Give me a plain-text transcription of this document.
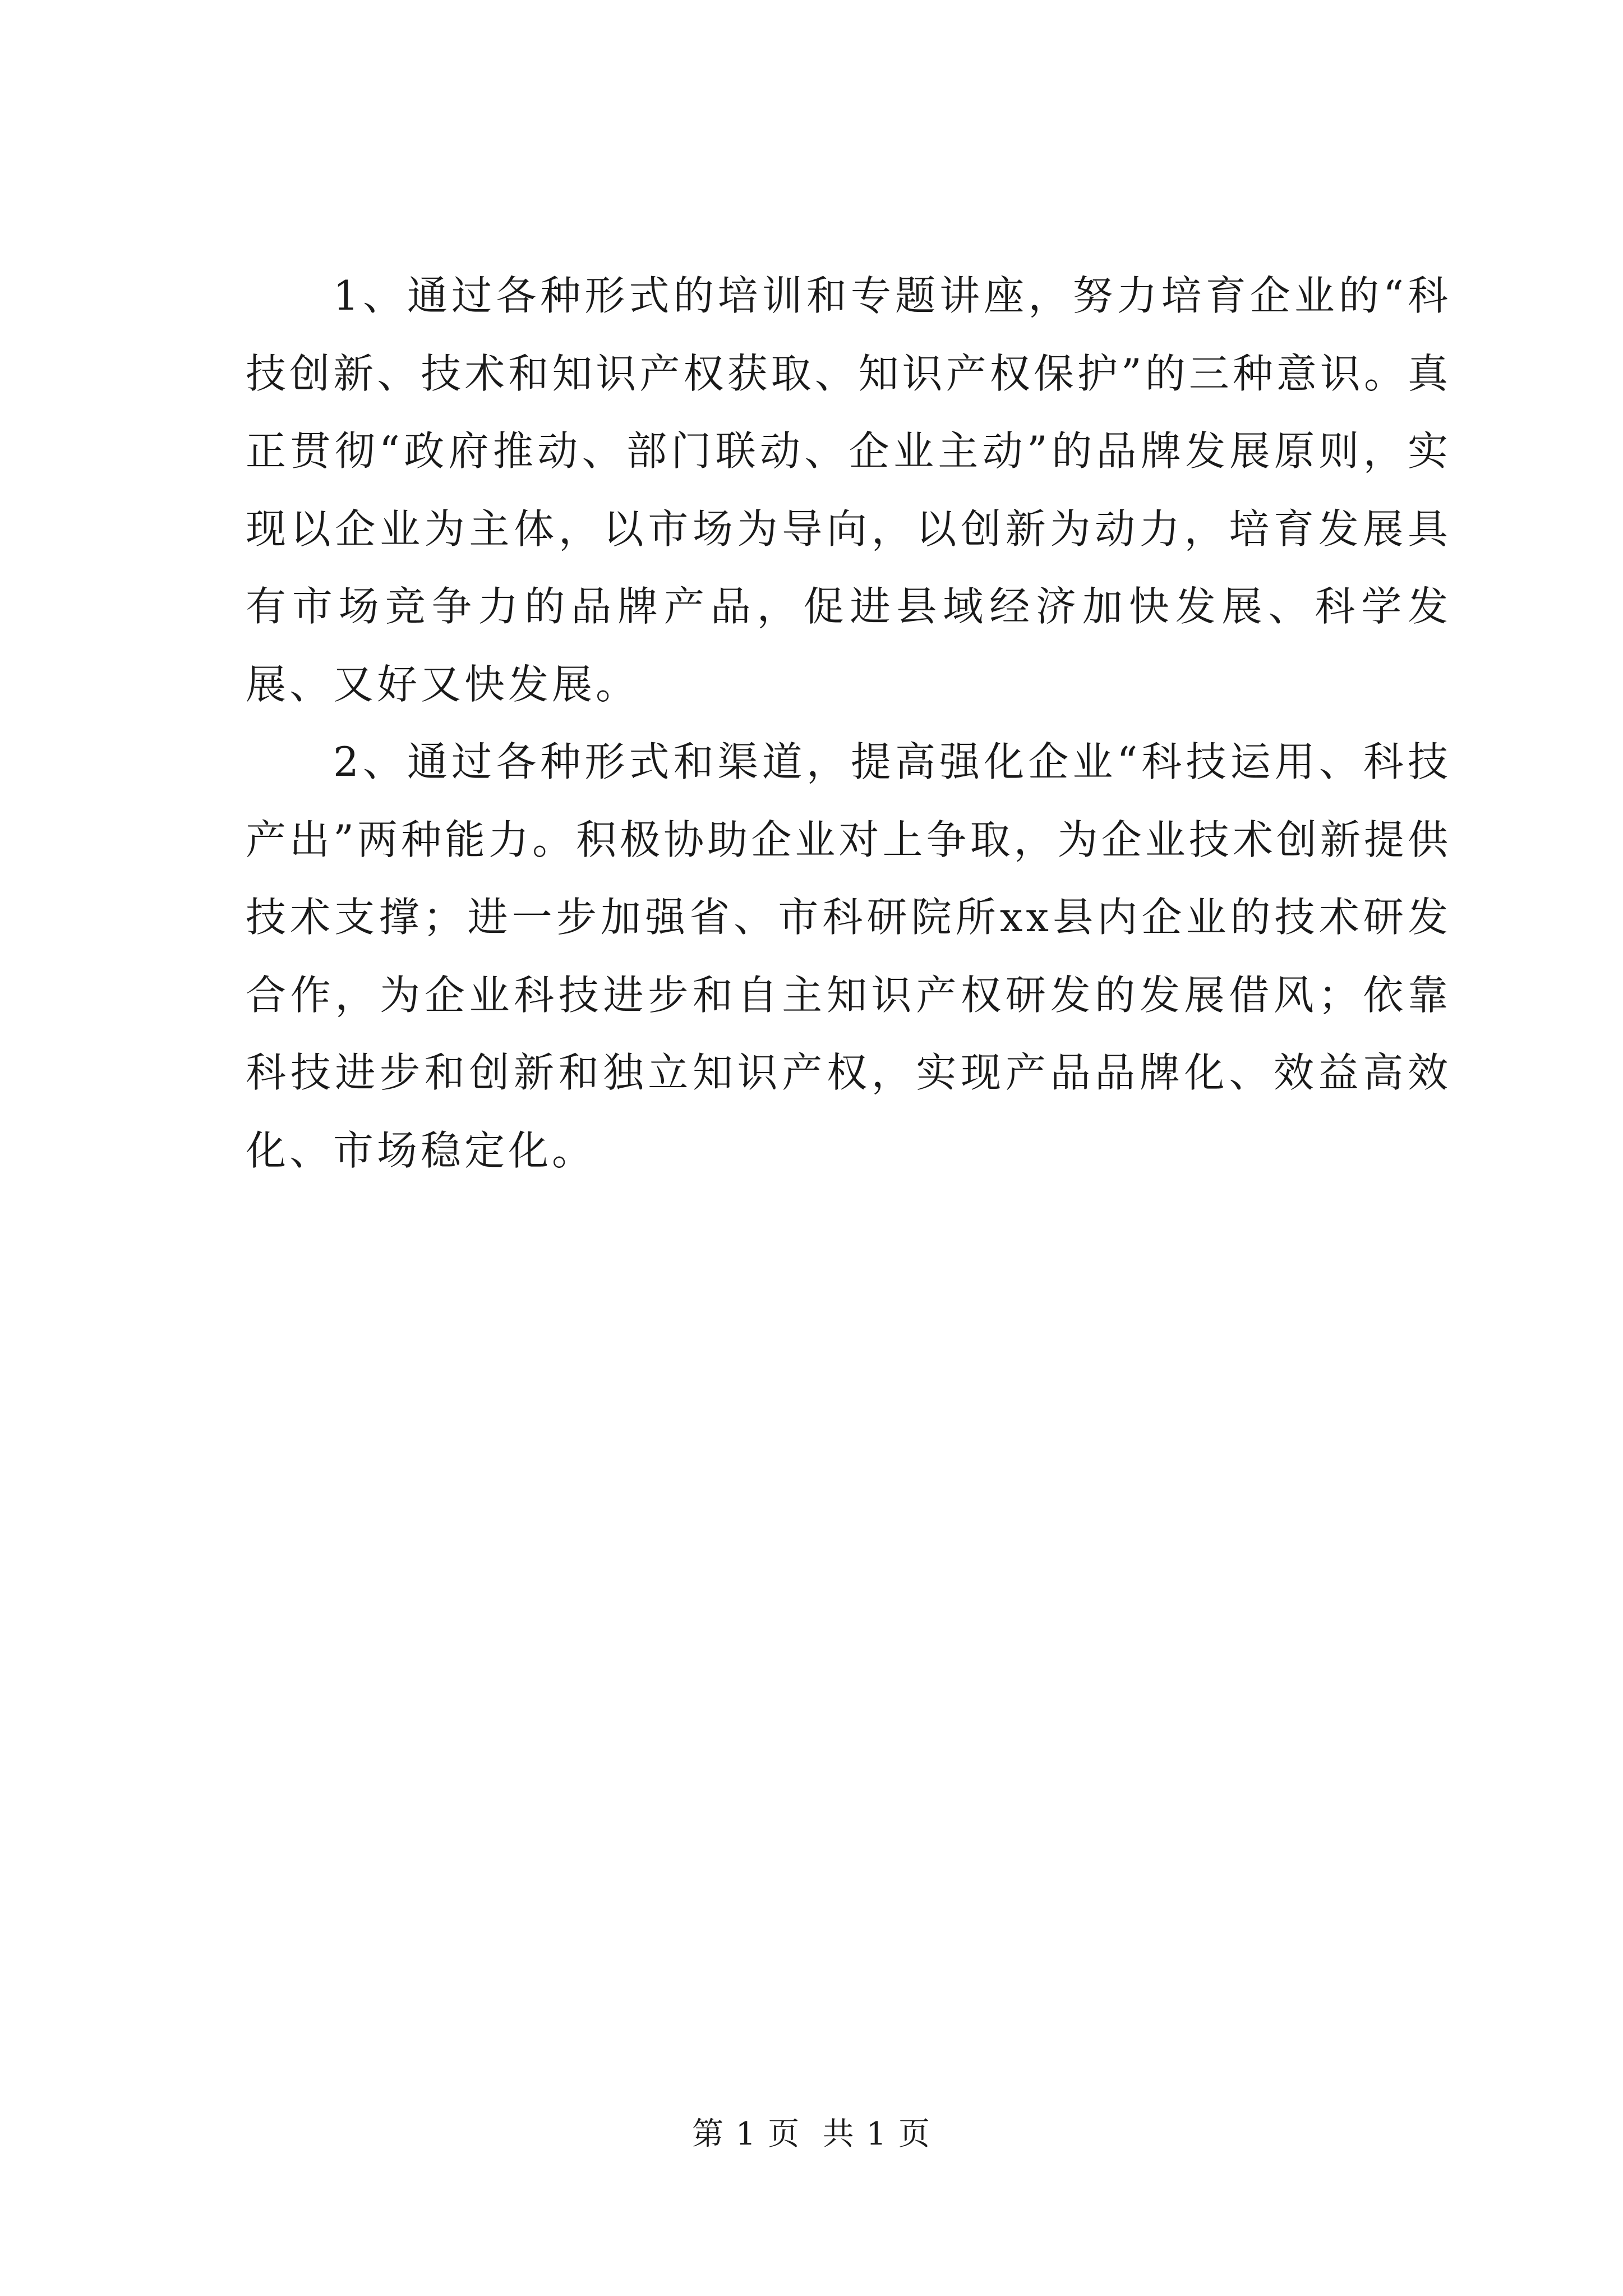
1、通过各种形式的培训和专题讲座，努力培育企业的“科技创新、技术和知识产权获取、知识产权保护”的三种意识。真正贯彻“政府推动、部门联动、企业主动”的品牌发展原则，实现以企业为主体，以市场为导向，以创新为动力，培育发展具有市场竞争力的品牌产品，促进县域经济加快发展、科学发展、又好又快发展。

2、通过各种形式和渠道，提高强化企业“科技运用、科技产出”两种能力。积极协助企业对上争取，为企业技术创新提供技术支撑；进一步加强省、市科研院所xx县内企业的技术研发合作，为企业科技进步和自主知识产权研发的发展借风；依靠科技进步和创新和独立知识产权，实现产品品牌化、效益高效化、市场稳定化。

第 1 页  共 1 页
